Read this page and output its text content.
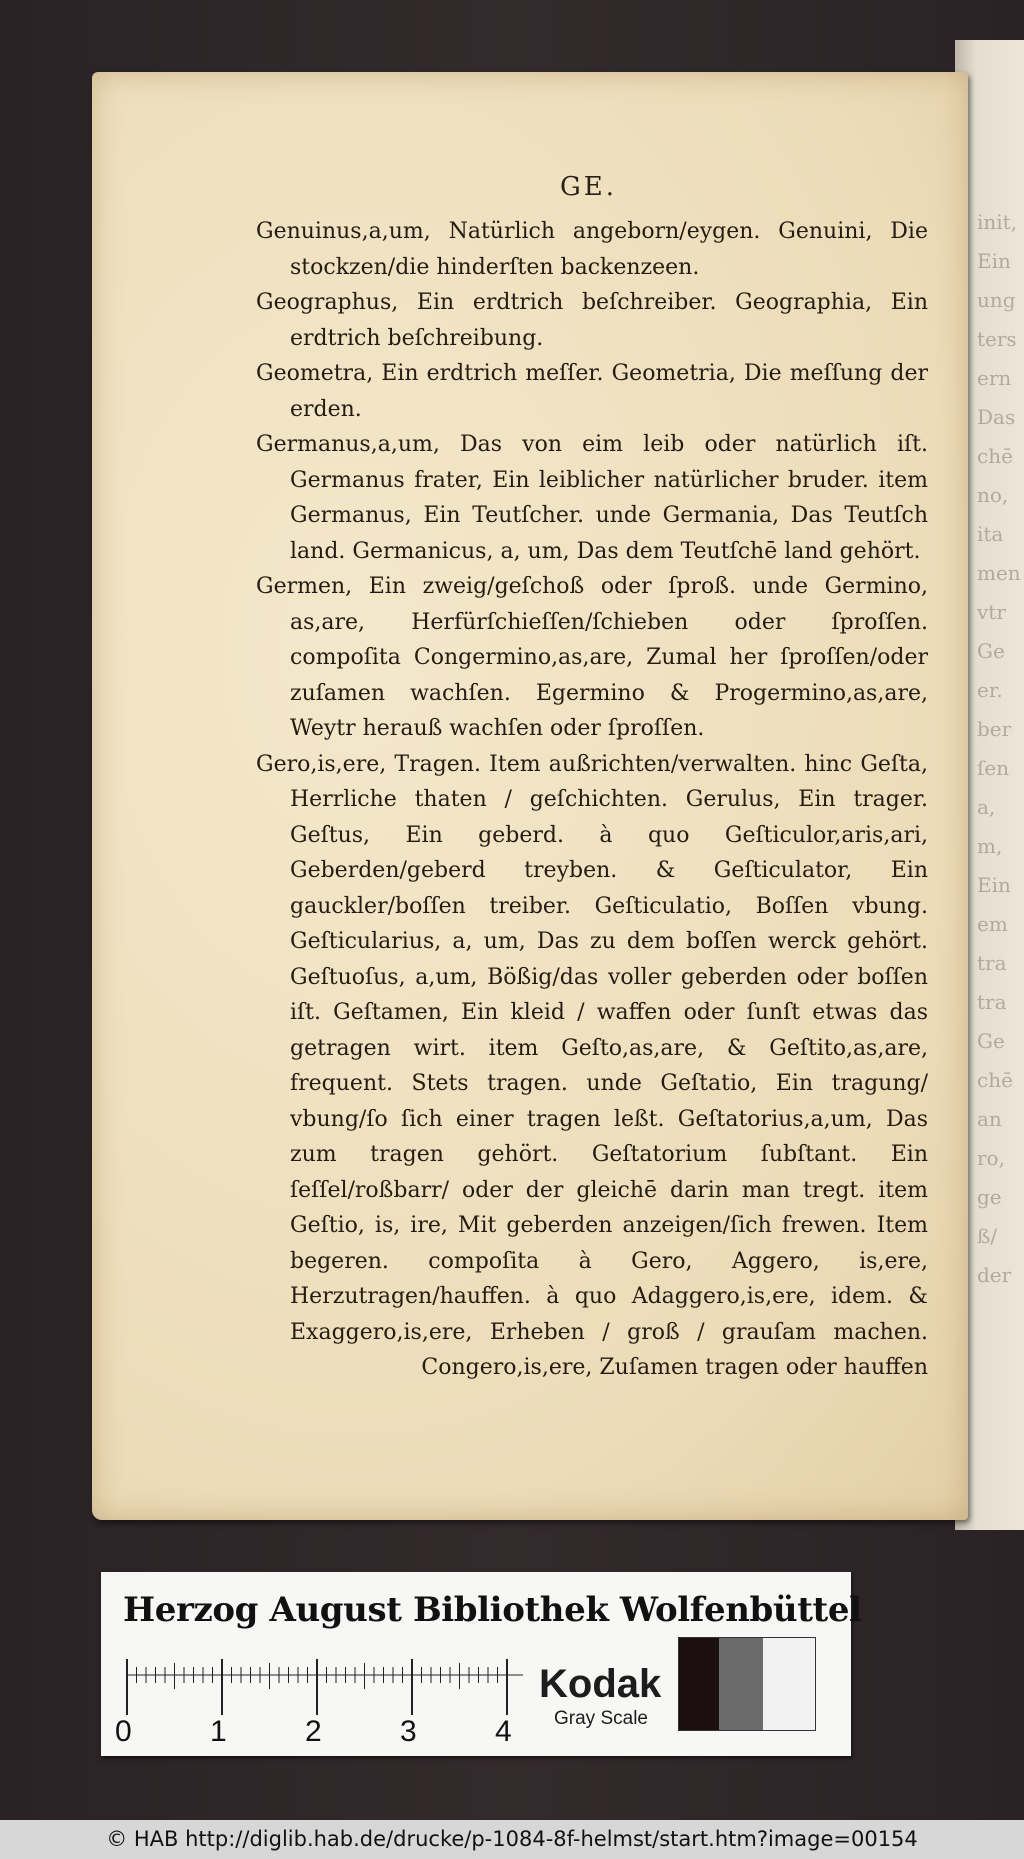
init,
Ein
ung
ters
ern
Das
chē
no,
ita
men
vtr
Ge
er.
ber
ſen
a,
m,
Ein
em
tra
tra
Ge
chē
an
ro,
ge
ß/
der
GE.

Genuinus,a,um, Natürlich angeborn/eygen. Genuini, Die stockzen/die hinderſten backenzeen.

Geographus, Ein erdtrich beſchreiber. Geographia, Ein erdtrich beſchreibung.

Geometra, Ein erdtrich meſſer. Geometria, Die meſſung der erden.

Germanus,a,um, Das von eim leib oder natürlich iſt. Germanus frater, Ein leiblicher natürlicher bruder. item Germanus, Ein Teutſcher. unde Germania, Das Teutſch land. Germanicus, a, um, Das dem Teutſchē land gehört.

Germen, Ein zweig/geſchoß oder ſproß. unde Germino, as,are, Herfürſchieſſen/ſchieben oder ſproſſen. compoſita Congermino,as,are, Zumal her ſproſſen/oder zuſamen wachſen. Egermino & Progermino,as,are, Weytr herauß wachſen oder ſproſſen.

Gero,is,ere, Tragen. Item außrichten/verwalten. hinc Geſta, Herrliche thaten / geſchichten. Gerulus, Ein trager. Geſtus, Ein geberd. à quo Geſticulor,aris,ari, Geberden/geberd treyben. & Geſticulator, Ein gauckler/boſſen treiber. Geſticulatio, Boſſen vbung. Geſticularius, a, um, Das zu dem boſſen werck gehört. Geſtuoſus, a,um, Bößig/das voller geberden oder boſſen iſt. Geſtamen, Ein kleid / waffen oder ſunſt etwas das getragen wirt. item Geſto,as,are, & Geſtito,as,are, frequent. Stets tragen. unde Geſtatio, Ein tragung/ vbung/ſo ſich einer tragen leßt. Geſtatorius,a,um, Das zum tragen gehört. Geſtatorium ſubſtant. Ein ſeſſel/roßbarr/ oder der gleichē darin man tregt. item Geſtio, is, ire, Mit geberden anzeigen/ſich frewen. Item begeren. compoſita à Gero, Aggero, is,ere, Herzutragen/hauffen. à quo Adaggero,is,ere, idem. & Exaggero,is,ere, Erheben / groß / grauſam machen. Congero,is,ere, Zuſamen tragen oder hauffen

Herzog August Bibliothek Wolfenbüttel
0	1	2	3	4
Kodak
Gray Scale
© HAB http://diglib.hab.de/drucke/p-1084-8f-helmst/start.htm?image=00154
